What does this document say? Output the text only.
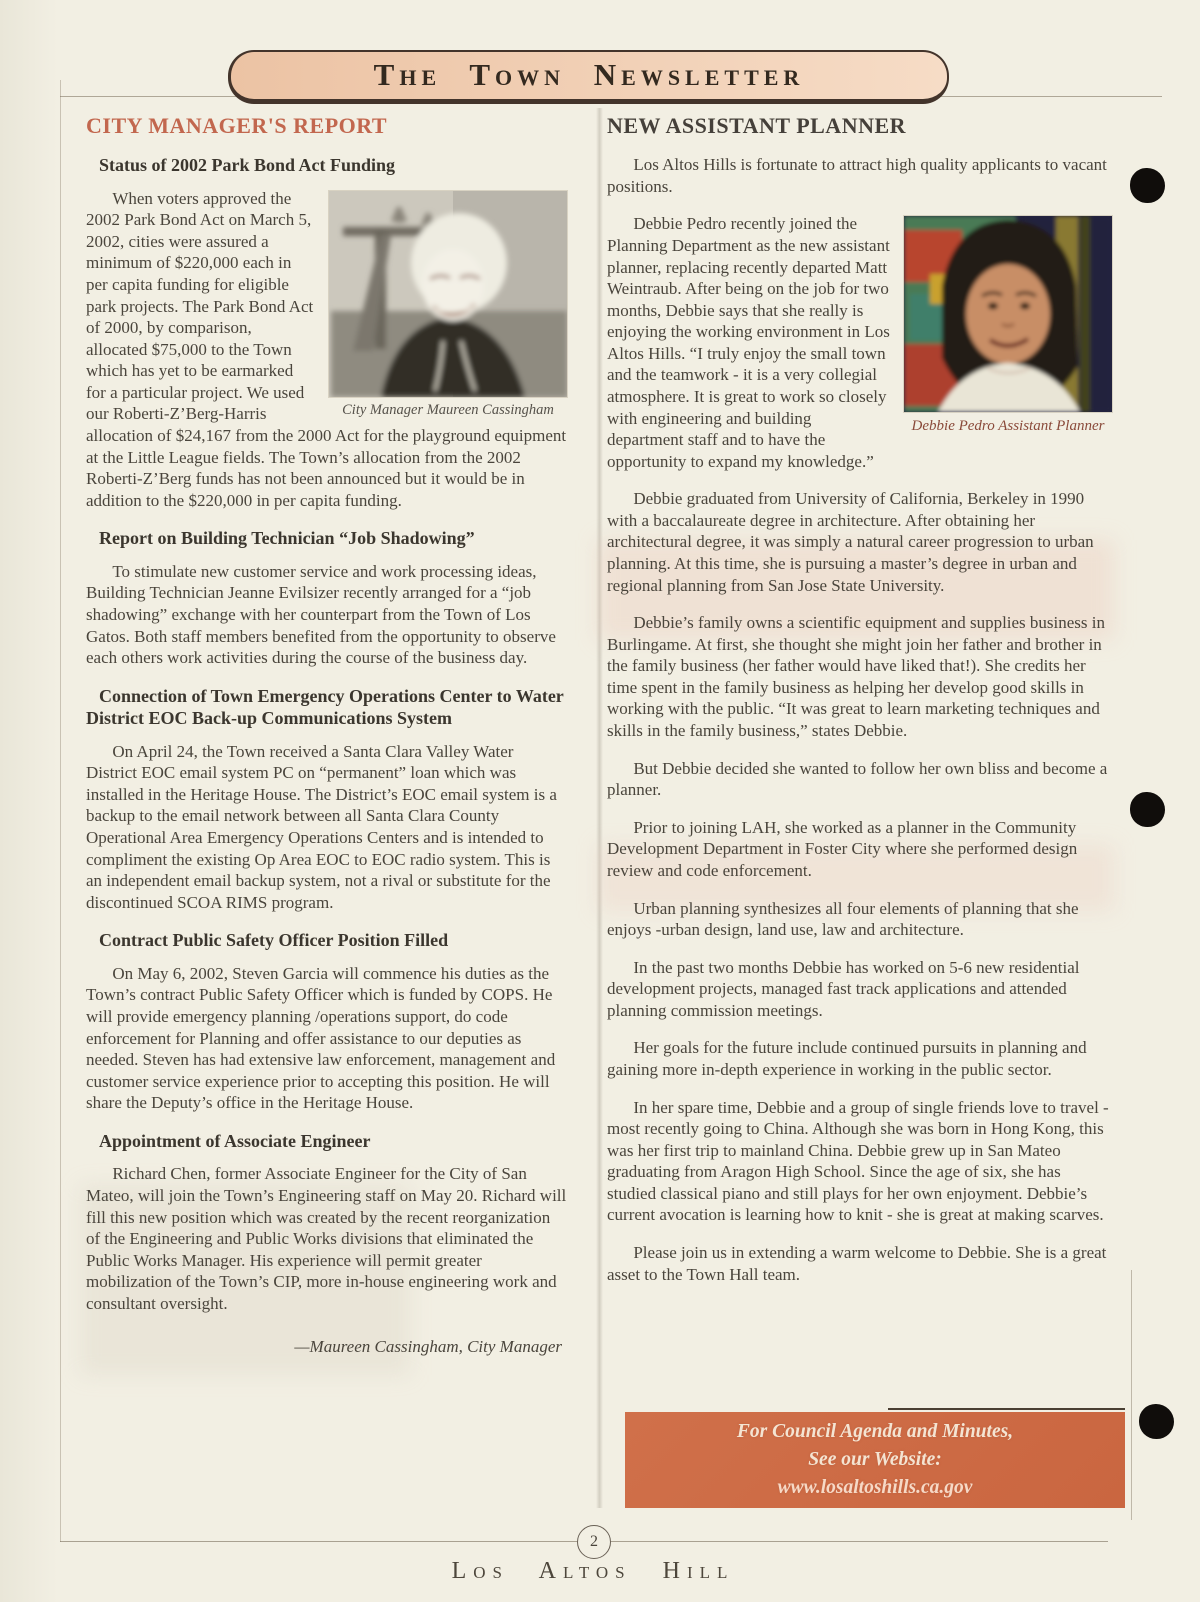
The Town Newsletter
CITY MANAGER'S REPORT
Status of 2002 Park Bond Act Funding
City Manager Maureen Cassingham
When voters approved the 2002 Park Bond Act on March 5, 2002, cities were assured a minimum of $220,000 each in per capita funding for eligible park projects. The Park Bond Act of 2000, by comparison, allocated $75,000 to the Town which has yet to be earmarked for a particular project. We used our Roberti-Z’Berg-Harris allocation of $24,167 from the 2000 Act for the playground equipment at the Little League fields. The Town’s allocation from the 2002 Roberti-Z’Berg funds has not been announced but it would be in addition to the $220,000 in per capita funding.
Report on Building Technician “Job Shadowing”
To stimulate new customer service and work processing ideas, Building Technician Jeanne Evilsizer recently arranged for a “job shadowing” exchange with her counterpart from the Town of Los Gatos. Both staff members benefited from the opportunity to observe each others work activities during the course of the business day.
Connection of Town Emergency Operations Center to Water District EOC Back-up Communications System
On April 24, the Town received a Santa Clara Valley Water District EOC email system PC on “permanent” loan which was installed in the Heritage House. The District’s EOC email system is a backup to the email network between all Santa Clara County Operational Area Emergency Operations Centers and is intended to compliment the existing Op Area EOC to EOC radio system. This is an independent email backup system, not a rival or substitute for the discontinued SCOA RIMS program.
Contract Public Safety Officer Position Filled
On May 6, 2002, Steven Garcia will commence his duties as the Town’s contract Public Safety Officer which is funded by COPS. He will provide emergency planning /operations support, do code enforcement for Planning and offer assistance to our deputies as needed. Steven has had extensive law enforcement, management and customer service experience prior to accepting this position. He will share the Deputy’s office in the Heritage House.
Appointment of Associate Engineer
Richard Chen, former Associate Engineer for the City of San Mateo, will join the Town’s Engineering staff on May 20. Richard will fill this new position which was created by the recent reorganization of the Engineering and Public Works divisions that eliminated the Public Works Manager. His experience will permit greater mobilization of the Town’s CIP, more in-house engineering work and consultant oversight.
—Maureen Cassingham, City Manager
NEW ASSISTANT PLANNER
Los Altos Hills is fortunate to attract high quality applicants to vacant positions.
Debbie Pedro Assistant Planner
Debbie Pedro recently joined the Planning Department as the new assistant planner, replacing recently departed Matt Weintraub. After being on the job for two months, Debbie says that she really is enjoying the working environment in Los Altos Hills. “I truly enjoy the small town and the teamwork - it is a very collegial atmosphere. It is great to work so closely with engineering and building department staff and to have the opportunity to expand my knowledge.”
Debbie graduated from University of California, Berkeley in 1990 with a baccalaureate degree in architecture. After obtaining her architectural degree, it was simply a natural career progression to urban planning. At this time, she is pursuing a master’s degree in urban and regional planning from San Jose State University.
Debbie’s family owns a scientific equipment and supplies business in Burlingame. At first, she thought she might join her father and brother in the family business (her father would have liked that!). She credits her time spent in the family business as helping her develop good skills in working with the public. “It was great to learn marketing techniques and skills in the family business,” states Debbie.
But Debbie decided she wanted to follow her own bliss and become a planner.
Prior to joining LAH, she worked as a planner in the Community Development Department in Foster City where she performed design review and code enforcement.
Urban planning synthesizes all four elements of planning that she enjoys -urban design, land use, law and architecture.
In the past two months Debbie has worked on 5-6 new residential development projects, managed fast track applications and attended planning commission meetings.
Her goals for the future include continued pursuits in planning and gaining more in-depth experience in working in the public sector.
In her spare time, Debbie and a group of single friends love to travel - most recently going to China. Although she was born in Hong Kong, this was her first trip to mainland China. Debbie grew up in San Mateo graduating from Aragon High School. Since the age of six, she has studied classical piano and still plays for her own enjoyment. Debbie’s current avocation is learning how to knit - she is great at making scarves.
Please join us in extending a warm welcome to Debbie. She is a great asset to the Town Hall team.
For Council Agenda and Minutes,
See our Website:
www.losaltoshills.ca.gov
2
Los Altos Hill
